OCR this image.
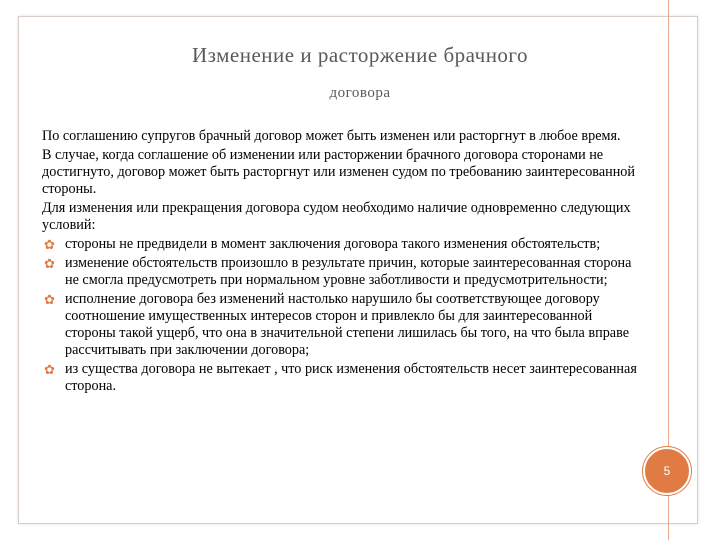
Изменение и расторжение брачного
договора

По соглашению супругов брачный договор может быть изменен или расторгнут в любое время.

В случае, когда соглашение об изменении или расторжении брачного договора сторонами не достигнуто, договор может быть расторгнут или изменен судом по требованию заинтересованной стороны.

Для изменения или прекращения договора судом необходимо наличие одновременно следующих условий:

✿ стороны не предвидели в момент заключения договора такого изменения обстоятельств;
✿ изменение обстоятельств произошло в результате причин, которые заинтересованная сторона не смогла предусмотреть при нормальном уровне заботливости и предусмотрительности;
✿ исполнение договора без изменений настолько нарушило бы соответствующее договору соотношение имущественных интересов сторон и привлекло бы для заинтересованной стороны такой ущерб, что она в значительной степени лишилась бы того, на что была вправе рассчитывать при заключении договора;
✿ из существа договора не вытекает , что риск изменения обстоятельств несет заинтересованная сторона.
5
